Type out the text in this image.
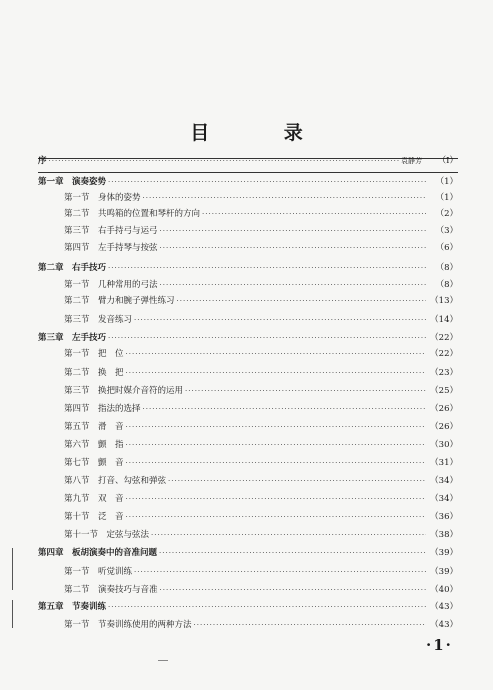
目 录
序 ·····	袁静芳	（Ⅰ）
第一章　演奏姿势 ·····	（1）
第一节　身体的姿势 ·····	（1）
第二节　共鸣箱的位置和琴杆的方向 ·····	（2）
第三节　右手持弓与运弓 ·····	（3）
第四节　左手持琴与按弦 ·····	（6）
第二章　右手技巧 ·····	（8）
第一节　几种常用的弓法 ·····	（8）
第二节　臂力和腕子弹性练习 ·····	（13）
第三节　发音练习 ·····	（14）
第三章　左手技巧 ·····	（22）
第一节　把　位 ·····	（22）
第二节　换　把 ·····	（23）
第三节　换把时媒介音符的运用 ·····	（25）
第四节　指法的选择 ·····	（26）
第五节　滑　音 ·····	（26）
第六节　颤　指 ·····	（30）
第七节　颤　音 ·····	（31）
第八节　打音、勾弦和弹弦 ·····	（34）
第九节　双　音 ·····	（34）
第十节　泛　音 ·····	（36）
第十一节　定弦与弦法 ·····	（38）
第四章　板胡演奏中的音准问题 ·····	（39）
第一节　听觉训练 ·····	（39）
第二节　演奏技巧与音准 ·····	（40）
第五章　节奏训练 ·····	（43）
第一节　节奏训练使用的两种方法 ·····	（43）
·1·
